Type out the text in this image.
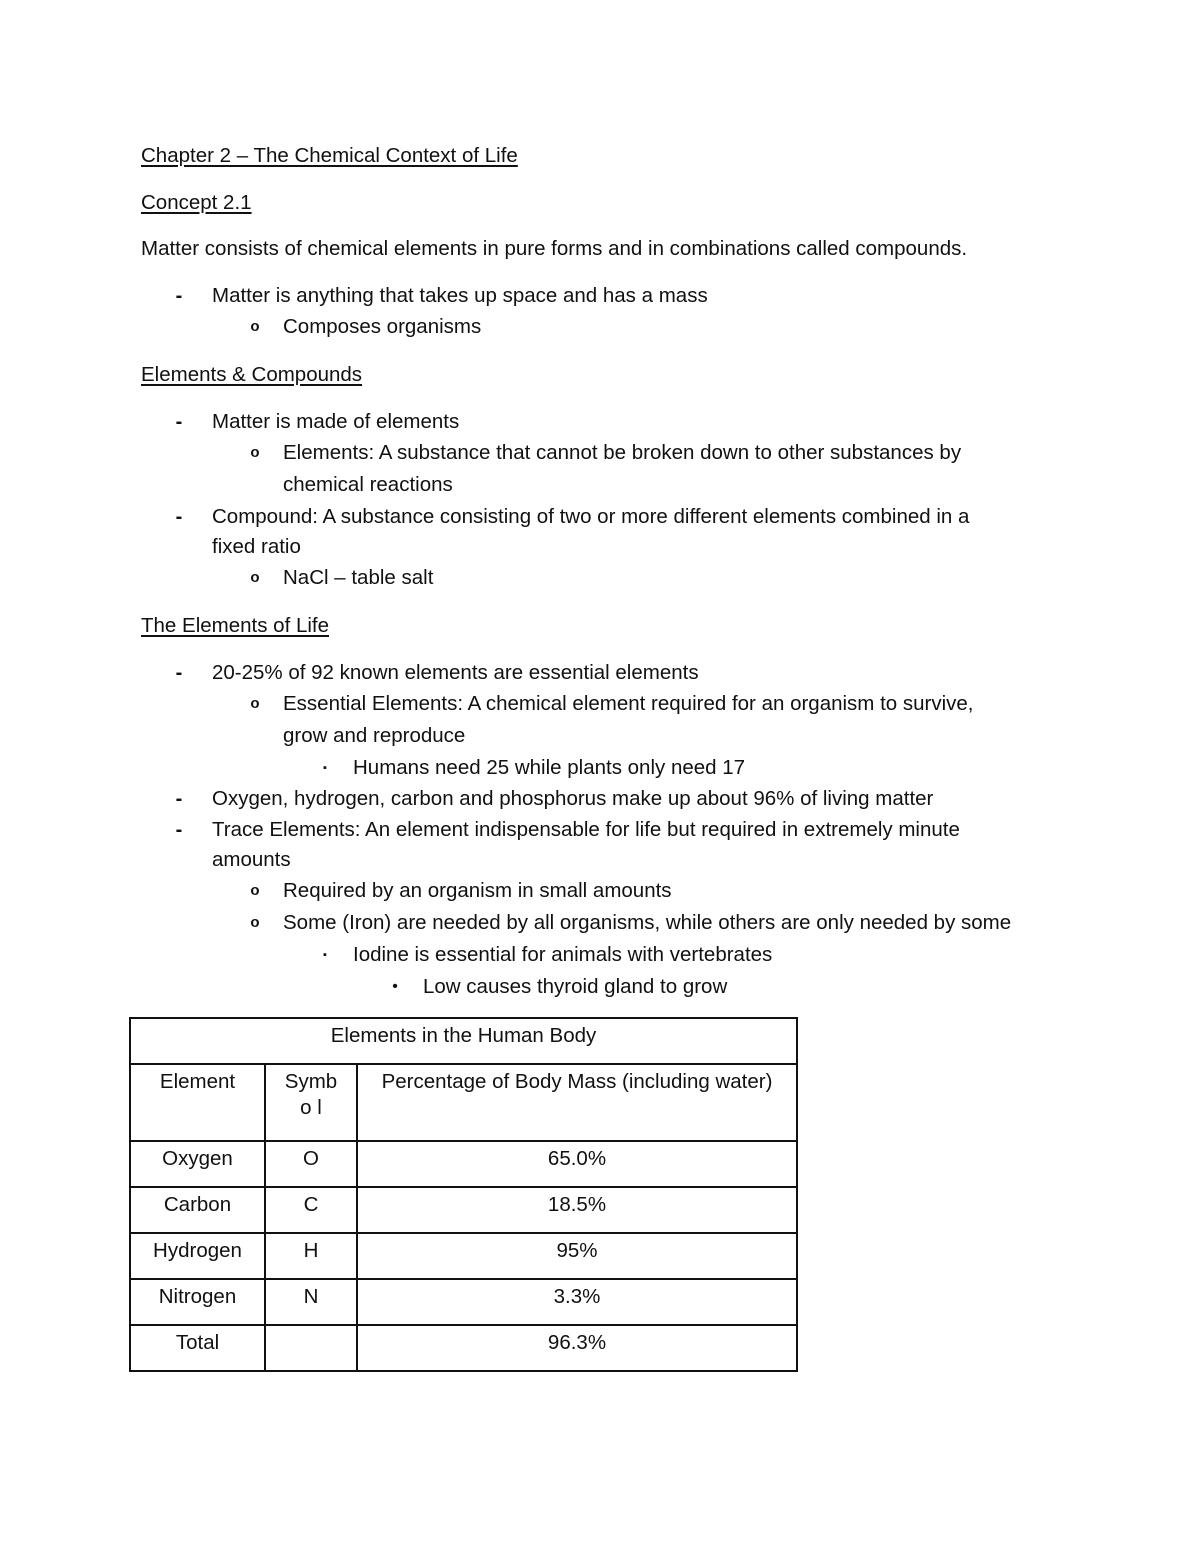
Chapter 2 – The Chemical Context of Life
Concept 2.1
Matter consists of chemical elements in pure forms and in combinations called compounds.
-	Matter is anything that takes up space and has a mass
o Composes organisms
Elements & Compounds
-	Matter is made of elements
o Elements: A substance that cannot be broken down to other substances by
chemical reactions
-	Compound: A substance consisting of two or more different elements combined in a
fixed ratio
o NaCl – table salt
The Elements of Life
-	20-25% of 92 known elements are essential elements
o Essential Elements: A chemical element required for an organism to survive,
grow and reproduce
▪	Humans need 25 while plants only need 17
-	Oxygen, hydrogen, carbon and phosphorus make up about 96% of living matter
-	Trace Elements: An element indispensable for life but required in extremely minute
amounts
o Required by an organism in small amounts
o Some (Iron) are needed by all organisms, while others are only needed by some
▪	Iodine is essential for animals with vertebrates
•	Low causes thyroid gland to grow
Elements in the Human Body		
Element	Symbo l	Percentage of Body Mass (including water)
Oxygen	O	65.0%
Carbon	C	18.5%
Hydrogen	H	95%
Nitrogen	N	3.3%
Total		96.3%
